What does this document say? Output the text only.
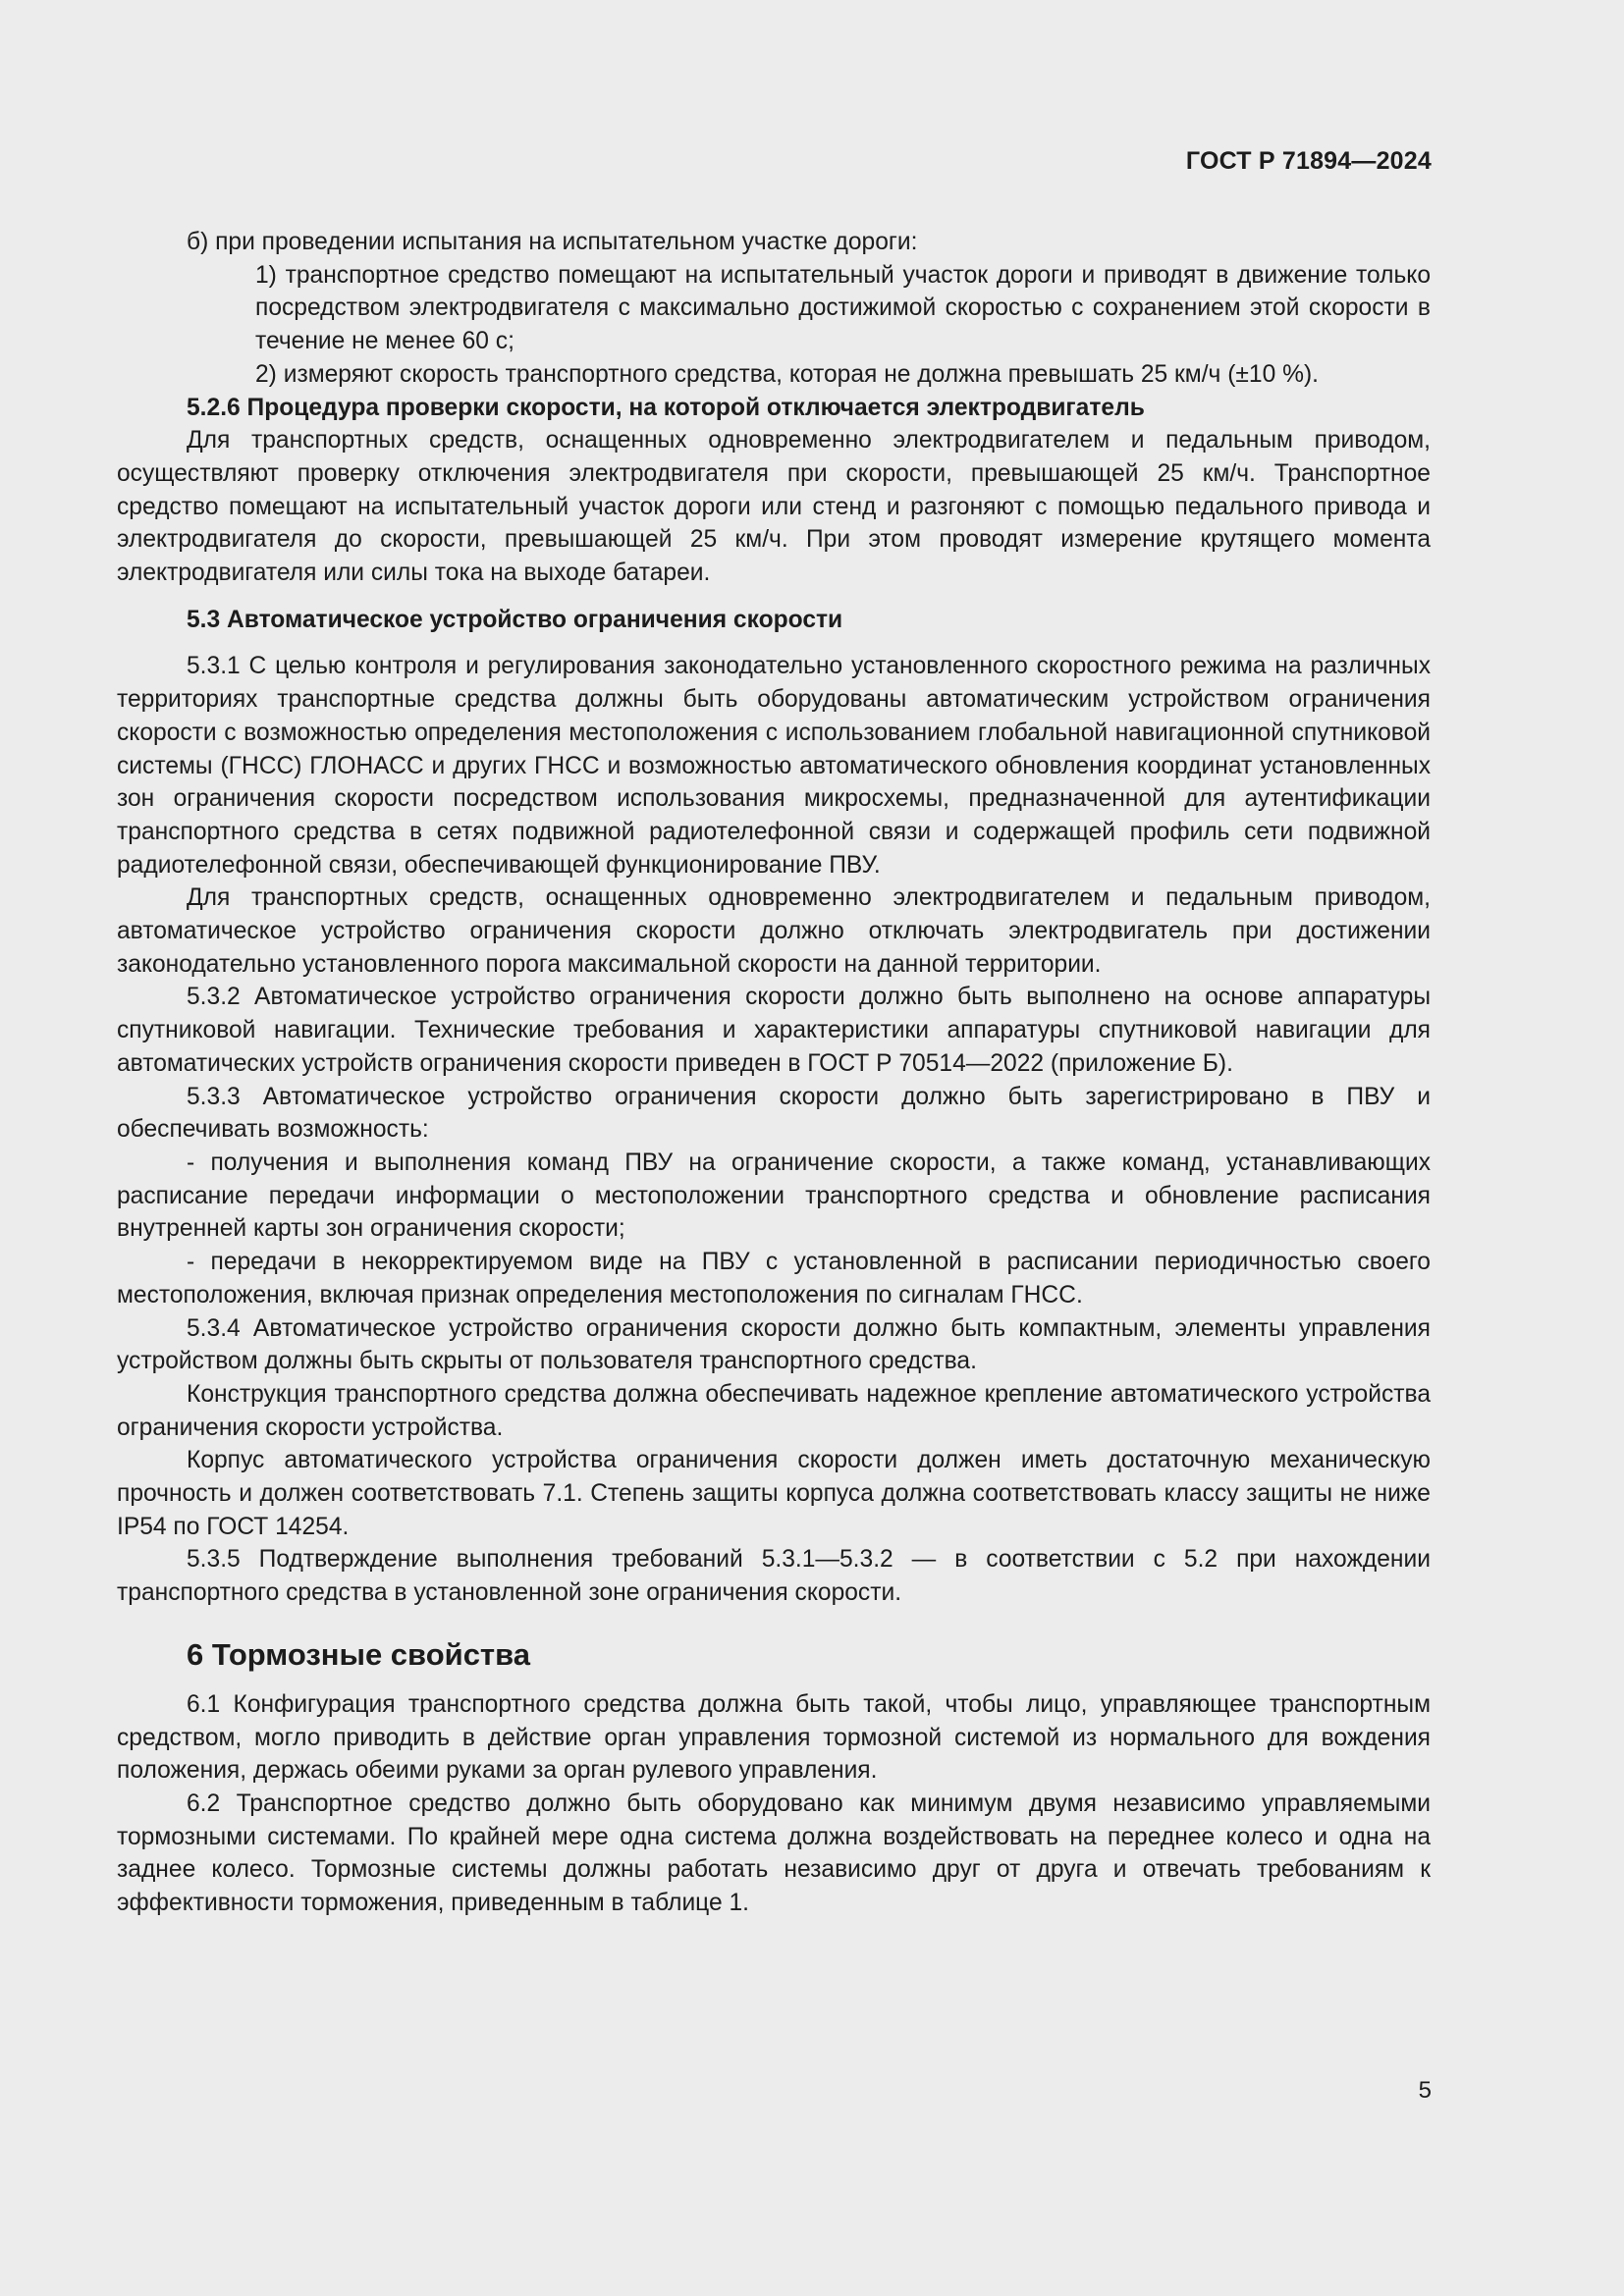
ГОСТ Р 71894—2024

б) при проведении испытания на испытательном участке дороги:

1) транспортное средство помещают на испытательный участок дороги и приводят в движение только посредством электродвигателя с максимально достижимой скоростью с сохранением этой скорости в течение не менее 60 с;

2) измеряют скорость транспортного средства, которая не должна превышать 25 км/ч (±10 %).

5.2.6 Процедура проверки скорости, на которой отключается электродвигатель

Для транспортных средств, оснащенных одновременно электродвигателем и педальным приводом, осуществляют проверку отключения электродвигателя при скорости, превышающей 25 км/ч. Транспортное средство помещают на испытательный участок дороги или стенд и разгоняют с помощью педального привода и электродвигателя до скорости, превышающей 25 км/ч. При этом проводят измерение крутящего момента электродвигателя или силы тока на выходе батареи.

5.3 Автоматическое устройство ограничения скорости

5.3.1 С целью контроля и регулирования законодательно установленного скоростного режима на различных территориях транспортные средства должны быть оборудованы автоматическим устройством ограничения скорости с возможностью определения местоположения с использованием глобальной навигационной спутниковой системы (ГНСС) ГЛОНАСС и других ГНСС и возможностью автоматического обновления координат установленных зон ограничения скорости посредством использования микросхемы, предназначенной для аутентификации транспортного средства в сетях подвижной радиотелефонной связи и содержащей профиль сети подвижной радиотелефонной связи, обеспечивающей функционирование ПВУ.

Для транспортных средств, оснащенных одновременно электродвигателем и педальным приводом, автоматическое устройство ограничения скорости должно отключать электродвигатель при достижении законодательно установленного порога максимальной скорости на данной территории.

5.3.2 Автоматическое устройство ограничения скорости должно быть выполнено на основе аппаратуры спутниковой навигации. Технические требования и характеристики аппаратуры спутниковой навигации для автоматических устройств ограничения скорости приведен в ГОСТ Р 70514—2022 (приложение Б).

5.3.3 Автоматическое устройство ограничения скорости должно быть зарегистрировано в ПВУ и обеспечивать возможность:

- получения и выполнения команд ПВУ на ограничение скорости, а также команд, устанавливающих расписание передачи информации о местоположении транспортного средства и обновление расписания внутренней карты зон ограничения скорости;

- передачи в некорректируемом виде на ПВУ с установленной в расписании периодичностью своего местоположения, включая признак определения местоположения по сигналам ГНСС.

5.3.4 Автоматическое устройство ограничения скорости должно быть компактным, элементы управления устройством должны быть скрыты от пользователя транспортного средства.

Конструкция транспортного средства должна обеспечивать надежное крепление автоматического устройства ограничения скорости устройства.

Корпус автоматического устройства ограничения скорости должен иметь достаточную механическую прочность и должен соответствовать 7.1. Степень защиты корпуса должна соответствовать классу защиты не ниже IP54 по ГОСТ 14254.

5.3.5 Подтверждение выполнения требований 5.3.1—5.3.2 — в соответствии с 5.2 при нахождении транспортного средства в установленной зоне ограничения скорости.

6 Тормозные свойства

6.1 Конфигурация транспортного средства должна быть такой, чтобы лицо, управляющее транспортным средством, могло приводить в действие орган управления тормозной системой из нормального для вождения положения, держась обеими руками за орган рулевого управления.

6.2 Транспортное средство должно быть оборудовано как минимум двумя независимо управляемыми тормозными системами. По крайней мере одна система должна воздействовать на переднее колесо и одна на заднее колесо. Тормозные системы должны работать независимо друг от друга и отвечать требованиям к эффективности торможения, приведенным в таблице 1.

5
